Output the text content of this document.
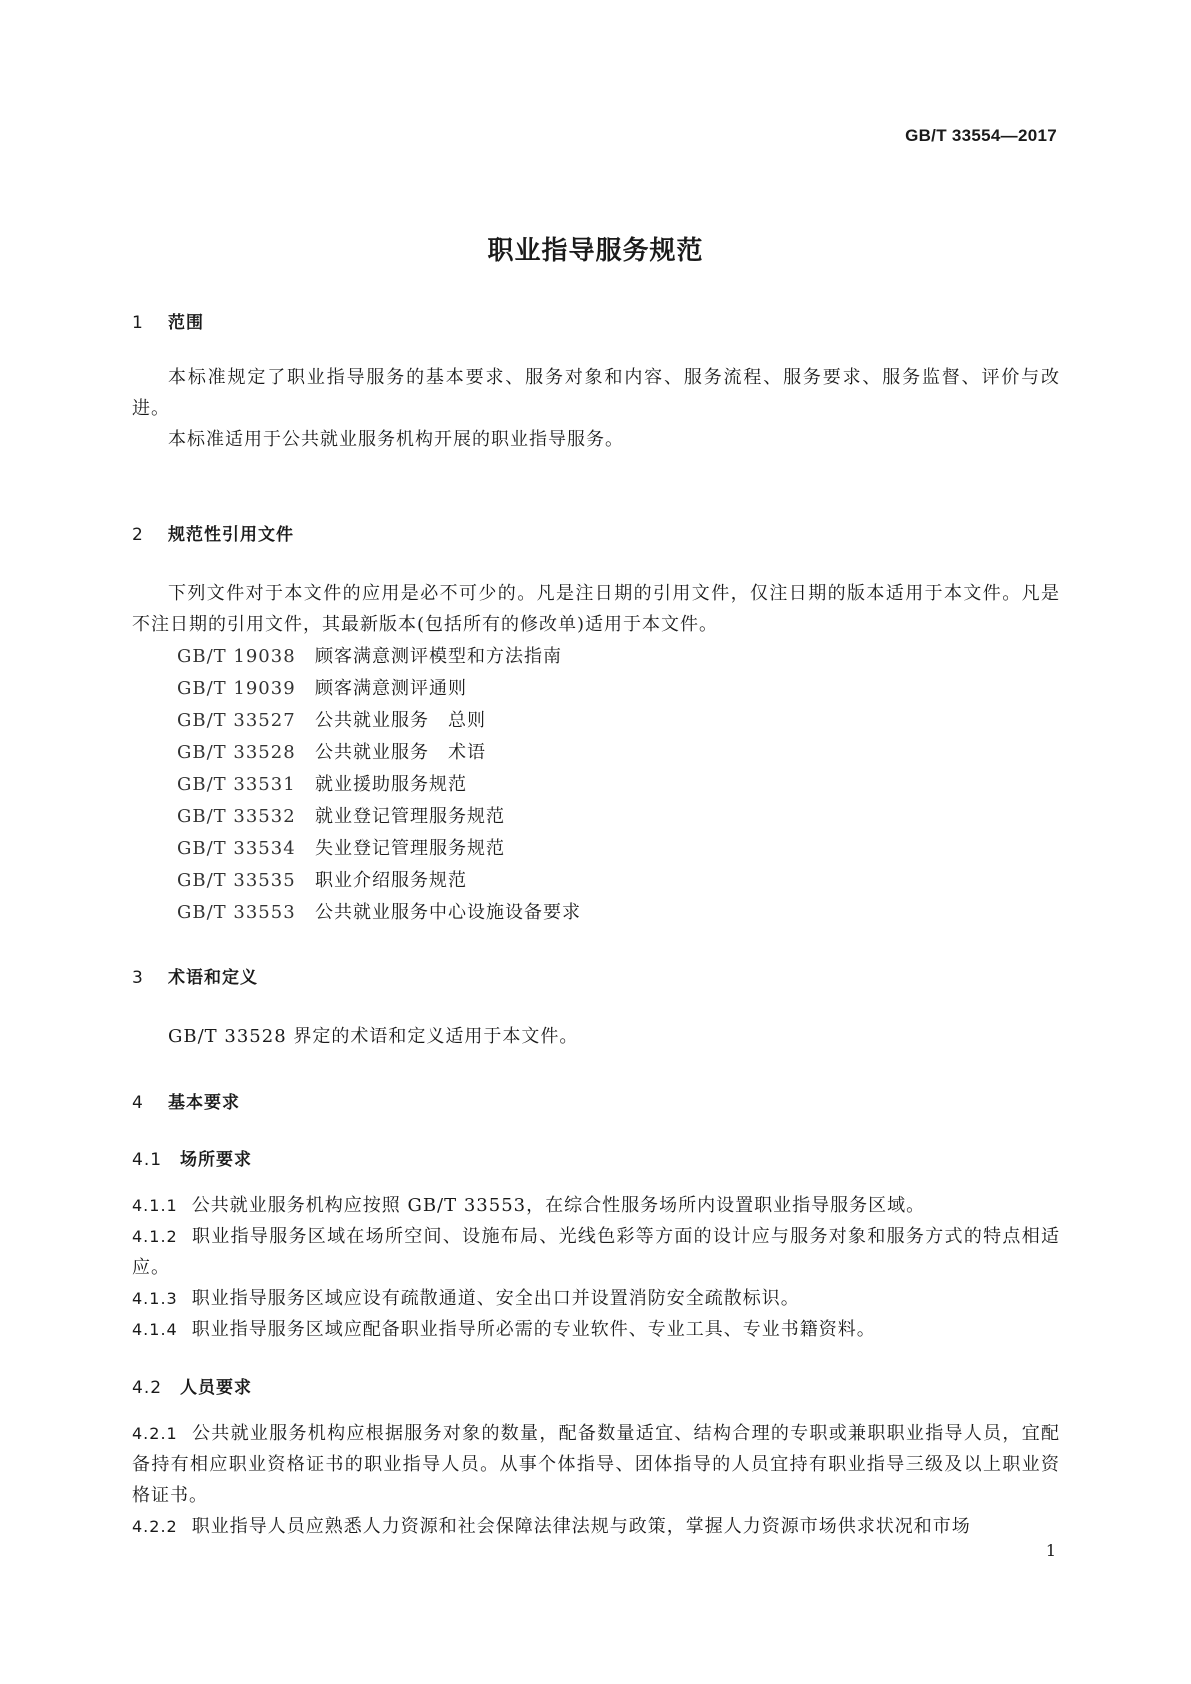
GB/T 33554—2017
职业指导服务规范
1 范围
本标准规定了职业指导服务的基本要求、服务对象和内容、服务流程、服务要求、服务监督、评价与改进。
本标准适用于公共就业服务机构开展的职业指导服务。
2 规范性引用文件
下列文件对于本文件的应用是必不可少的。凡是注日期的引用文件，仅注日期的版本适用于本文件。凡是不注日期的引用文件，其最新版本(包括所有的修改单)适用于本文件。
GB/T 19038 顾客满意测评模型和方法指南
GB/T 19039 顾客满意测评通则
GB/T 33527 公共就业服务　总则
GB/T 33528 公共就业服务　术语
GB/T 33531 就业援助服务规范
GB/T 33532 就业登记管理服务规范
GB/T 33534 失业登记管理服务规范
GB/T 33535 职业介绍服务规范
GB/T 33553 公共就业服务中心设施设备要求
3 术语和定义
GB/T 33528 界定的术语和定义适用于本文件。
4 基本要求
4.1 场所要求
4.1.1 公共就业服务机构应按照 GB/T 33553，在综合性服务场所内设置职业指导服务区域。
4.1.2 职业指导服务区域在场所空间、设施布局、光线色彩等方面的设计应与服务对象和服务方式的特点相适应。
4.1.3 职业指导服务区域应设有疏散通道、安全出口并设置消防安全疏散标识。
4.1.4 职业指导服务区域应配备职业指导所必需的专业软件、专业工具、专业书籍资料。
4.2 人员要求
4.2.1 公共就业服务机构应根据服务对象的数量，配备数量适宜、结构合理的专职或兼职职业指导人员，宜配备持有相应职业资格证书的职业指导人员。从事个体指导、团体指导的人员宜持有职业指导三级及以上职业资格证书。
4.2.2 职业指导人员应熟悉人力资源和社会保障法律法规与政策，掌握人力资源市场供求状况和市场
1
